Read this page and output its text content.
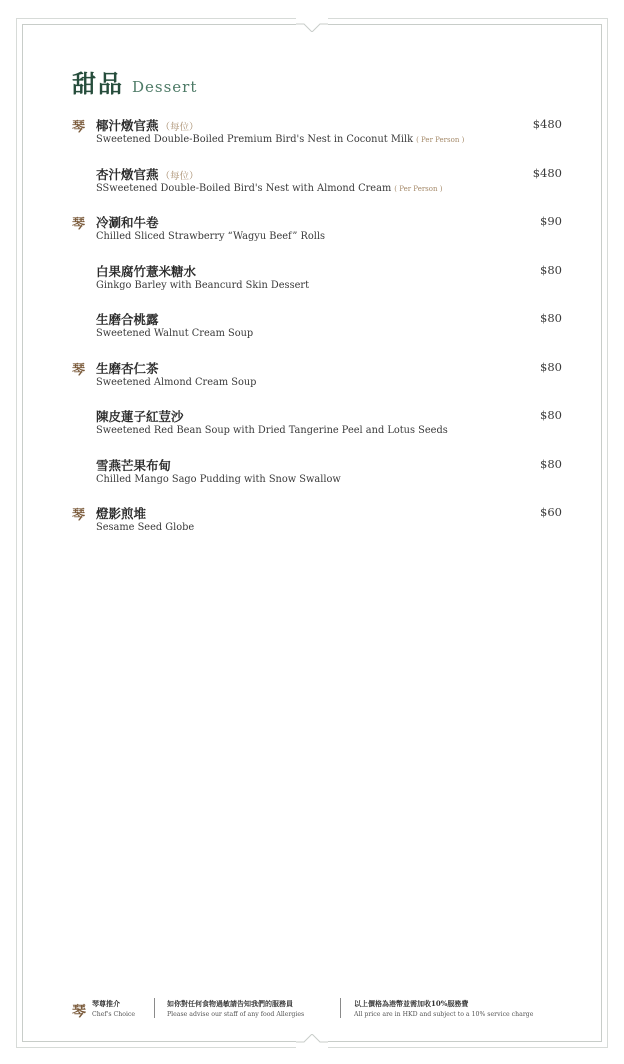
甜品 Dessert
琴 椰汁燉官燕 （每位）
Sweetened Double-Boiled Premium Bird's Nest in Coconut Milk ( Per Person )
$480
杏汁燉官燕 （每位）
SSweetened Double-Boiled Bird's Nest with Almond Cream ( Per Person )
$480
琴 冷涮和牛卷
Chilled Sliced Strawberry “Wagyu Beef” Rolls
$90
白果腐竹薏米糖水
Ginkgo Barley with Beancurd Skin Dessert
$80
生磨合桃露
Sweetened Walnut Cream Soup
$80
琴 生磨杏仁茶
Sweetened Almond Cream Soup
$80
陳皮蓮子紅荳沙
Sweetened Red Bean Soup with Dried Tangerine Peel and Lotus Seeds
$80
雪燕芒果布甸
Chilled Mango Sago Pudding with Snow Swallow
$80
琴 燈影煎堆
Sesame Seed Globe
$60
琴
琴尊推介
Chef's Choice
如你對任何食物過敏請告知我們的服務員
Please advise our staff of any food Allergies
以上價格為港幣並需加收10%服務費
All price are in HKD and subject to a 10% service charge
